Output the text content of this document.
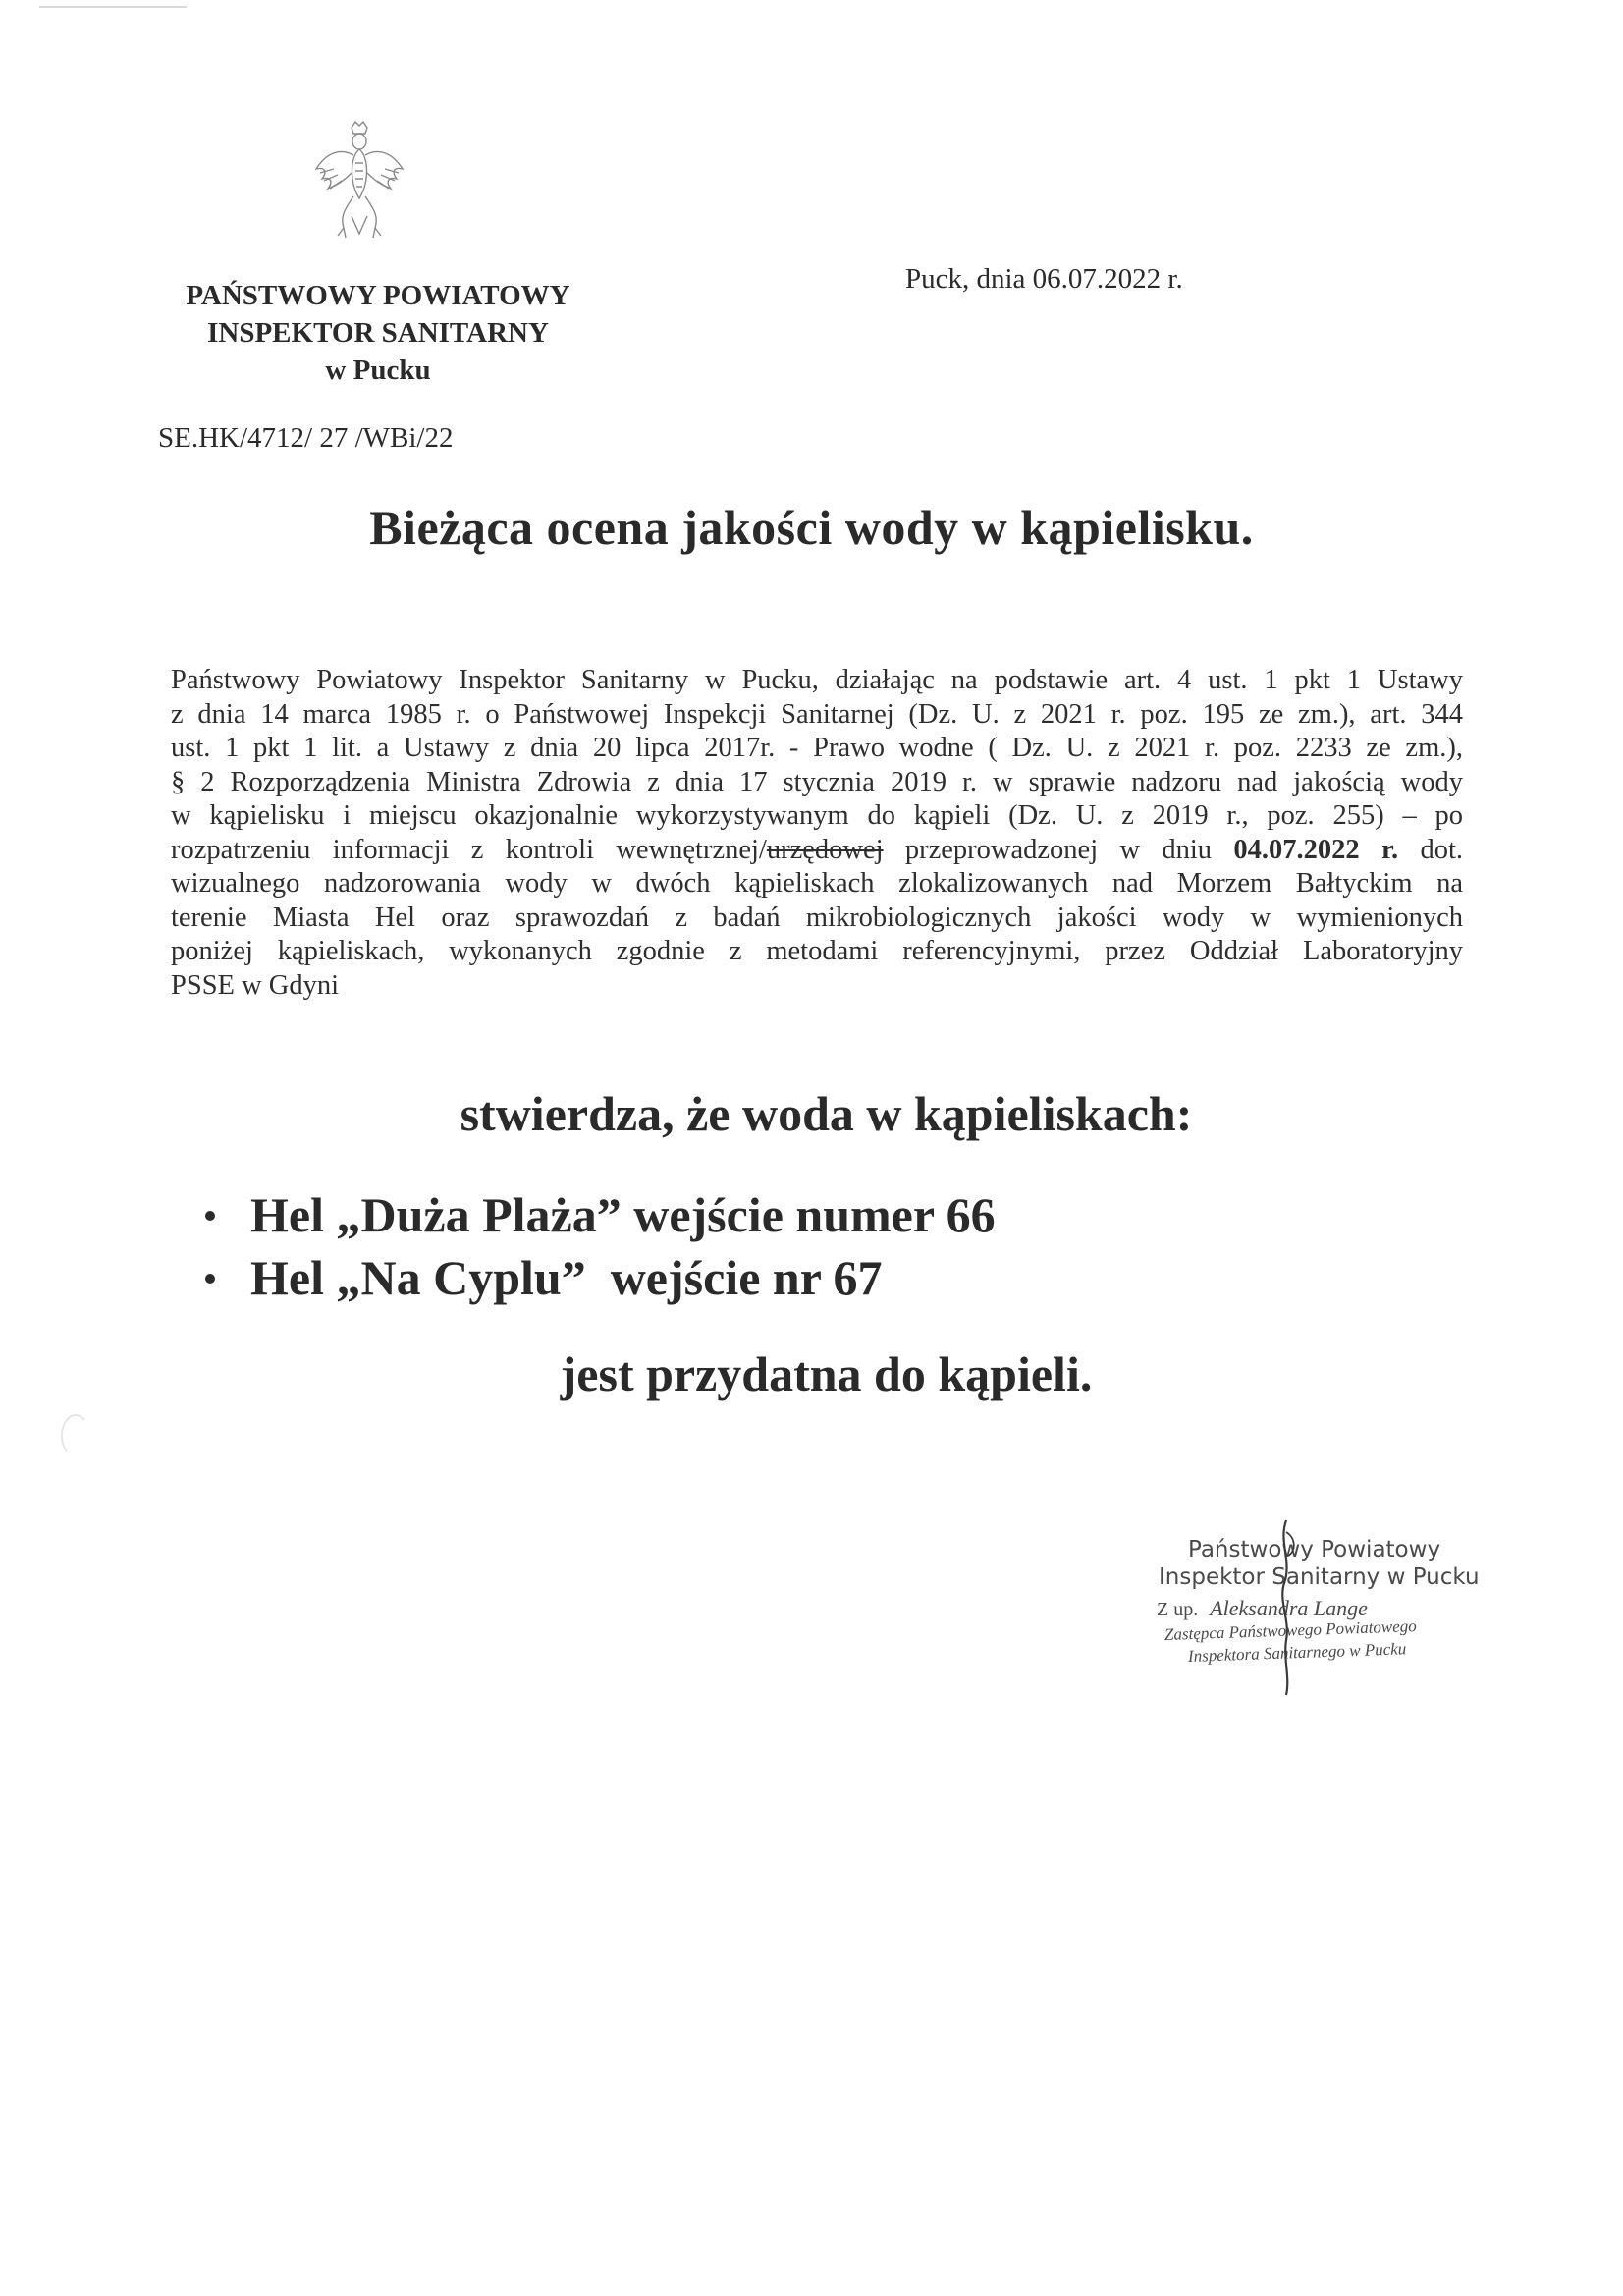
PAŃSTWOWY POWIATOWY
INSPEKTOR SANITARNY
w Pucku
Puck, dnia 06.07.2022 r.
SE.HK/4712/ 27 /WBi/22
Bieżąca ocena jakości wody w kąpielisku.
Państwowy Powiatowy Inspektor Sanitarny w Pucku, działając na podstawie art. 4 ust. 1 pkt 1 Ustawy
z dnia 14 marca 1985 r. o Państwowej Inspekcji Sanitarnej (Dz. U. z 2021 r. poz. 195 ze zm.), art. 344
ust. 1 pkt 1 lit. a Ustawy z dnia 20 lipca 2017r. - Prawo wodne ( Dz. U. z 2021 r. poz. 2233 ze zm.),
§ 2 Rozporządzenia Ministra Zdrowia z dnia 17 stycznia 2019 r. w sprawie nadzoru nad jakością wody
w kąpielisku i miejscu okazjonalnie wykorzystywanym do kąpieli (Dz. U. z 2019 r., poz. 255) – po
rozpatrzeniu informacji z kontroli wewnętrznej/urzędowej przeprowadzonej w dniu 04.07.2022 r. dot.
wizualnego nadzorowania wody w dwóch kąpieliskach zlokalizowanych nad Morzem Bałtyckim na
terenie Miasta Hel oraz sprawozdań z badań mikrobiologicznych jakości wody w wymienionych
poniżej kąpieliskach, wykonanych zgodnie z metodami referencyjnymi, przez Oddział Laboratoryjny
PSSE w Gdyni
stwierdza, że woda w kąpieliskach:
Hel „Duża Plaża” wejście numer 66
Hel „Na Cyplu”  wejście nr 67
jest przydatna do kąpieli.
Państwowy Powiatowy
Inspektor Sanitarny w Pucku
Z up. Aleksandra Lange
Zastępca Państwowego Powiatowego
Inspektora Sanitarnego w Pucku
